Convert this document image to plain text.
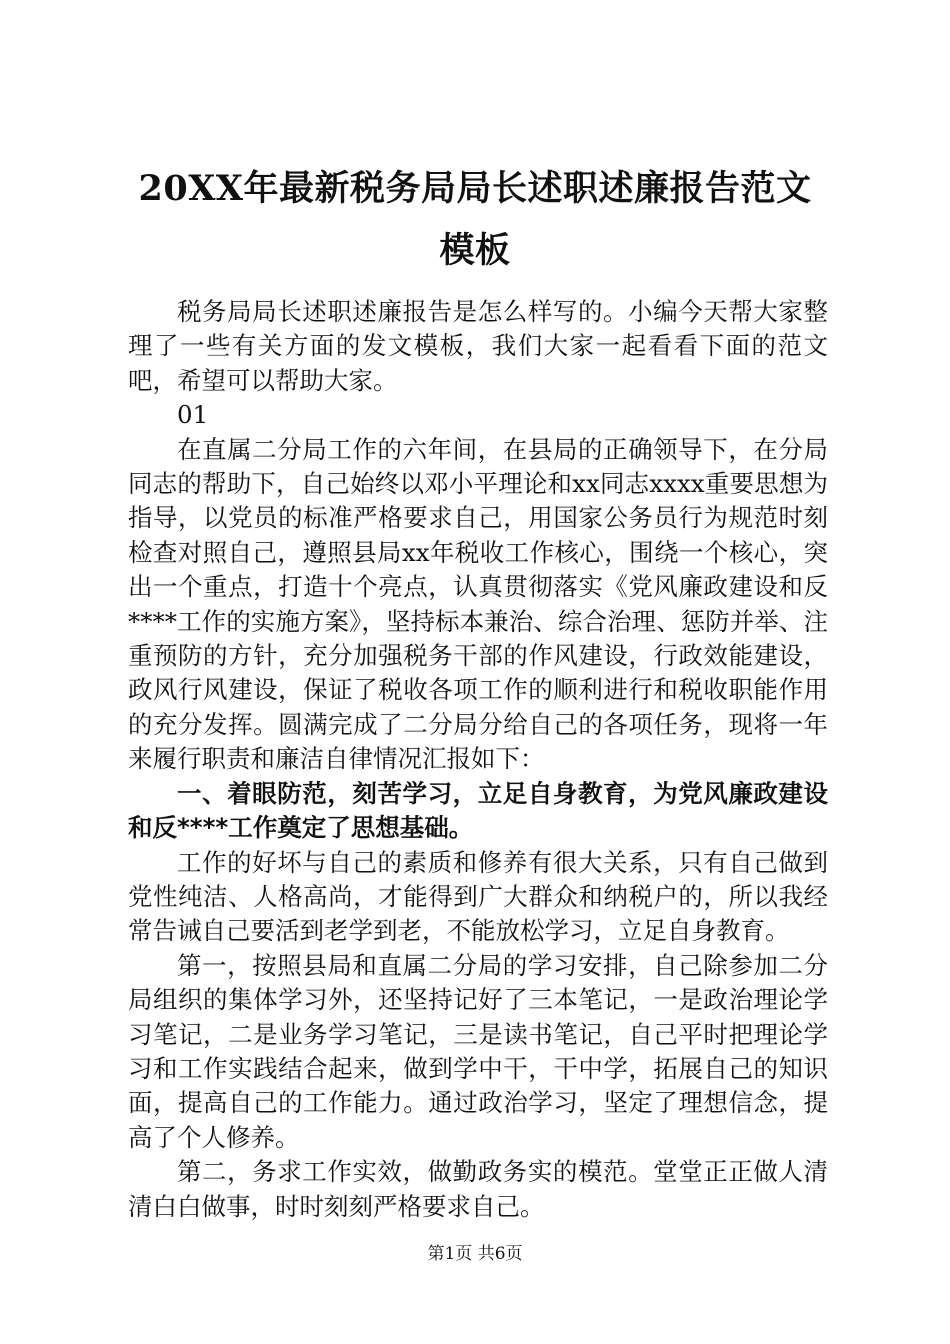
20XX年最新税务局局长述职述廉报告范文模板

税务局局长述职述廉报告是怎么样写的。小编今天帮大家整理了一些有关方面的发文模板，我们大家一起看看下面的范文吧，希望可以帮助大家。

01

在直属二分局工作的六年间，在县局的正确领导下，在分局同志的帮助下，自己始终以邓小平理论和xx同志xxxx重要思想为指导，以党员的标准严格要求自己，用国家公务员行为规范时刻检查对照自己，遵照县局xx年税收工作核心，围绕一个核心，突出一个重点，打造十个亮点，认真贯彻落实《党风廉政建设和反****工作的实施方案》，坚持标本兼治、综合治理、惩防并举、注重预防的方针，充分加强税务干部的作风建设，行政效能建设，政风行风建设，保证了税收各项工作的顺利进行和税收职能作用的充分发挥。圆满完成了二分局分给自己的各项任务，现将一年来履行职责和廉洁自律情况汇报如下：

一、着眼防范，刻苦学习，立足自身教育，为党风廉政建设和反****工作奠定了思想基础。

工作的好坏与自己的素质和修养有很大关系，只有自己做到党性纯洁、人格高尚，才能得到广大群众和纳税户的，所以我经常告诫自己要活到老学到老，不能放松学习，立足自身教育。

第一，按照县局和直属二分局的学习安排，自己除参加二分局组织的集体学习外，还坚持记好了三本笔记，一是政治理论学习笔记，二是业务学习笔记，三是读书笔记，自己平时把理论学习和工作实践结合起来，做到学中干，干中学，拓展自己的知识面，提高自己的工作能力。通过政治学习，坚定了理想信念，提高了个人修养。

第二，务求工作实效，做勤政务实的模范。堂堂正正做人清清白白做事，时时刻刻严格要求自己。

第1页 共6页
